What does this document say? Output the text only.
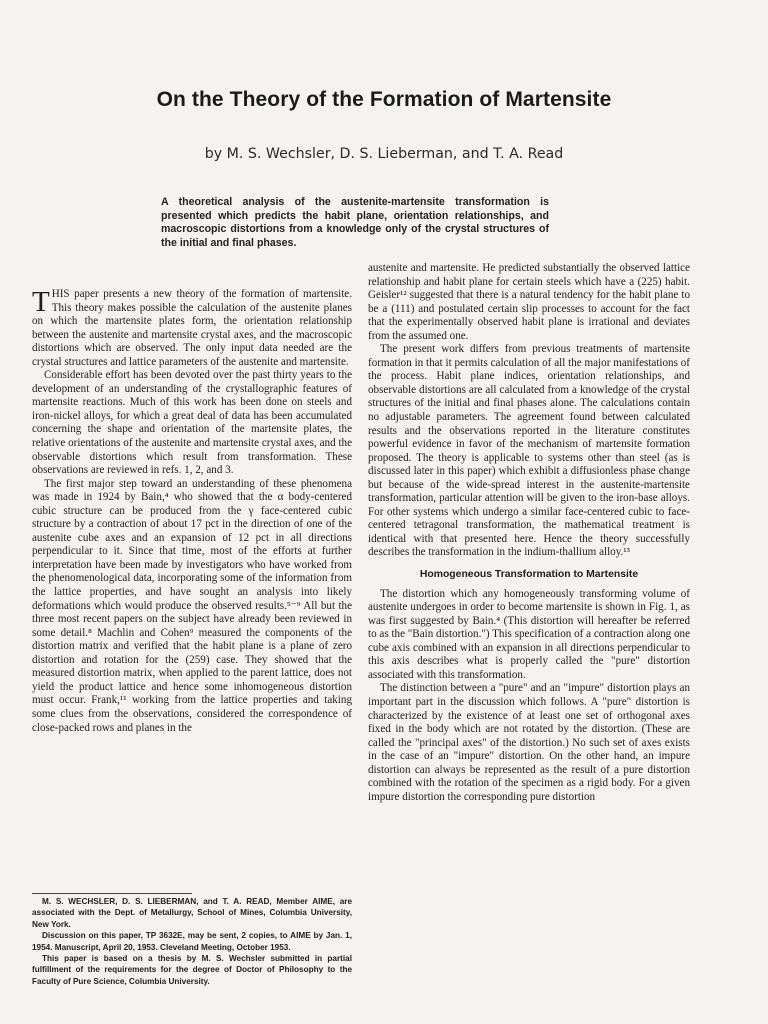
On the Theory of the Formation of Martensite
by M. S. Wechsler, D. S. Lieberman, and T. A. Read
A theoretical analysis of the austenite-martensite transformation is presented which predicts the habit plane, orientation relationships, and macroscopic distortions from a knowledge only of the crystal structures of the initial and final phases.

THIS paper presents a new theory of the formation of martensite. This theory makes possible the calculation of the austenite planes on which the martensite plates form, the orientation relationship between the austenite and martensite crystal axes, and the macroscopic distortions which are observed. The only input data needed are the crystal structures and lattice parameters of the austenite and martensite.

Considerable effort has been devoted over the past thirty years to the development of an understanding of the crystallographic features of martensite reactions. Much of this work has been done on steels and iron-nickel alloys, for which a great deal of data has been accumulated concerning the shape and orientation of the martensite plates, the relative orientations of the austenite and martensite crystal axes, and the observable distortions which result from transformation. These observations are reviewed in refs. 1, 2, and 3.

The first major step toward an understanding of these phenomena was made in 1924 by Bain,⁴ who showed that the α body-centered cubic structure can be produced from the γ face-centered cubic structure by a contraction of about 17 pct in the direction of one of the austenite cube axes and an expansion of 12 pct in all directions perpendicular to it. Since that time, most of the efforts at further interpretation have been made by investigators who have worked from the phenomenological data, incorporating some of the information from the lattice properties, and have sought an analysis into likely deformations which would produce the observed results.⁵⁻⁹ All but the three most recent papers on the subject have already been reviewed in some detail.⁸ Machlin and Cohen⁹ measured the components of the distortion matrix and verified that the habit plane is a plane of zero distortion and rotation for the (259) case. They showed that the measured distortion matrix, when applied to the parent lattice, does not yield the product lattice and hence some inhomogeneous distortion must occur. Frank,¹¹ working from the lattice properties and taking some clues from the observations, considered the correspondence of close-packed rows and planes in the

austenite and martensite. He predicted substantially the observed lattice relationship and habit plane for certain steels which have a (225) habit. Geisler¹² suggested that there is a natural tendency for the habit plane to be a (111) and postulated certain slip processes to account for the fact that the experimentally observed habit plane is irrational and deviates from the assumed one.

The present work differs from previous treatments of martensite formation in that it permits calculation of all the major manifestations of the process. Habit plane indices, orientation relationships, and observable distortions are all calculated from a knowledge of the crystal structures of the initial and final phases alone. The calculations contain no adjustable parameters. The agreement found between calculated results and the observations reported in the literature constitutes powerful evidence in favor of the mechanism of martensite formation proposed. The theory is applicable to systems other than steel (as is discussed later in this paper) which exhibit a diffusionless phase change but because of the wide-spread interest in the austenite-martensite transformation, particular attention will be given to the iron-base alloys. For other systems which undergo a similar face-centered cubic to face-centered tetragonal transformation, the mathematical treatment is identical with that presented here. Hence the theory successfully describes the transformation in the indium-thallium alloy.¹³

Homogeneous Transformation to Martensite

The distortion which any homogeneously transforming volume of austenite undergoes in order to become martensite is shown in Fig. 1, as was first suggested by Bain.⁴ (This distortion will hereafter be referred to as the "Bain distortion.") This specification of a contraction along one cube axis combined with an expansion in all directions perpendicular to this axis describes what is properly called the "pure" distortion associated with this transformation.

The distinction between a "pure" and an "impure" distortion plays an important part in the discussion which follows. A "pure" distortion is characterized by the existence of at least one set of orthogonal axes fixed in the body which are not rotated by the distortion. (These are called the "principal axes" of the distortion.) No such set of axes exists in the case of an "impure" distortion. On the other hand, an impure distortion can always be represented as the result of a pure distortion combined with the rotation of the specimen as a rigid body. For a given impure distortion the corresponding pure distortion

M. S. WECHSLER, D. S. LIEBERMAN, and T. A. READ, Member AIME, are associated with the Dept. of Metallurgy, School of Mines, Columbia University, New York.

Discussion on this paper, TP 3632E, may be sent, 2 copies, to AIME by Jan. 1, 1954. Manuscript, April 20, 1953. Cleveland Meeting, October 1953.

This paper is based on a thesis by M. S. Wechsler submitted in partial fulfillment of the requirements for the degree of Doctor of Philosophy to the Faculty of Pure Science, Columbia University.
